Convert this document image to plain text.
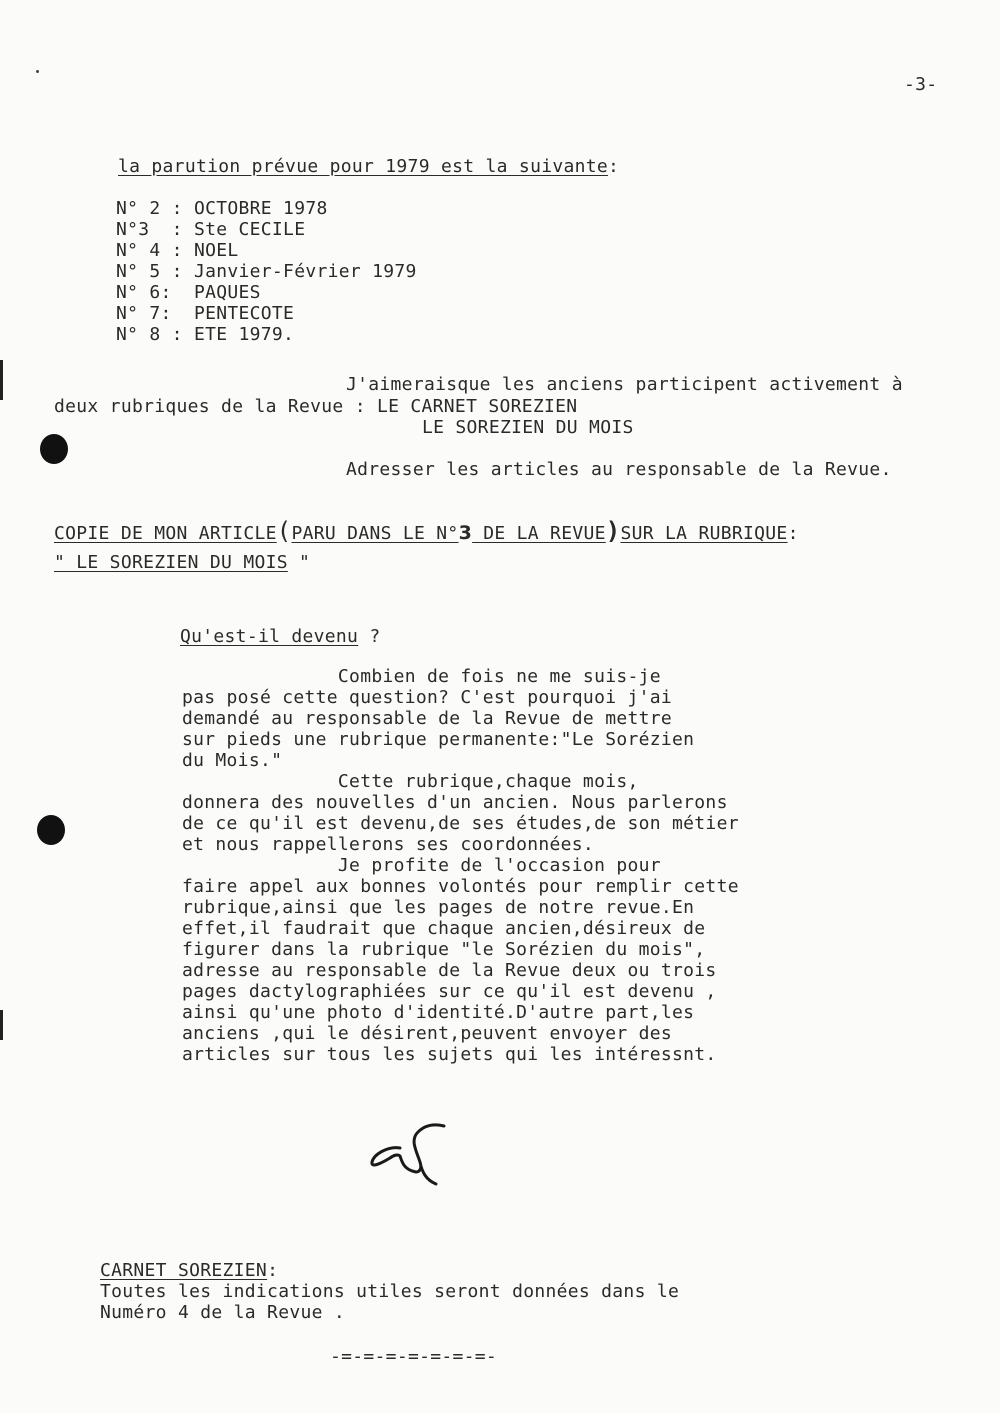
-3-
la parution prévue pour 1979 est la suivante:
N° 2 : OCTOBRE 1978
N°3  : Ste CECILE
N° 4 : NOEL
N° 5 : Janvier-Février 1979
N° 6:  PAQUES
N° 7:  PENTECOTE
N° 8 : ETE 1979.
J'aimeraisque les anciens participent activement à
deux rubriques de la Revue : LE CARNET SOREZIEN
LE SOREZIEN DU MOIS
Adresser les articles au responsable de la Revue.
COPIE DE MON ARTICLE(PARU DANS LE N°3 DE LA REVUE)SUR LA RUBRIQUE:
" LE SOREZIEN DU MOIS "
Qu'est-il devenu ?
Combien de fois ne me suis-je
pas posé cette question? C'est pourquoi j'ai
demandé au responsable de la Revue de mettre
sur pieds une rubrique permanente:"Le Sorézien
du Mois."
Cette rubrique,chaque mois,
donnera des nouvelles d'un ancien. Nous parlerons
de ce qu'il est devenu,de ses études,de son métier
et nous rappellerons ses coordonnées.
Je profite de l'occasion pour
faire appel aux bonnes volontés pour remplir cette
rubrique,ainsi que les pages de notre revue.En
effet,il faudrait que chaque ancien,désireux de
figurer dans la rubrique "le Sorézien du mois",
adresse au responsable de la Revue deux ou trois
pages dactylographiées sur ce qu'il est devenu ,
ainsi qu'une photo d'identité.D'autre part,les
anciens ,qui le désirent,peuvent envoyer des
articles sur tous les sujets qui les intéressnt.
CARNET SOREZIEN:
Toutes les indications utiles seront données dans le
Numéro 4 de la Revue .
-=-=-=-=-=-=-=-
